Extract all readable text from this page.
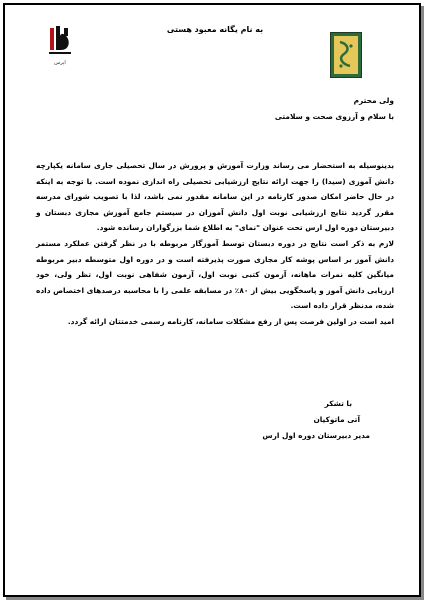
به نام یگانه معبود هستی
اپرس
ولی محترم
با سلام و آرزوی صحت و سلامتی

بدینوسیله به استحضار می رساند وزارت آموزش و پرورش در سال تحصیلی جاری سامانه یکپارچه دانش آموزی (سیدا) را جهت ارائه نتایج ارزشیابی تحصیلی راه اندازی نموده است. با توجه به اینکه در حال حاضر امکان صدور کارنامه در این سامانه مقدور نمی باشد، لذا با تصویب شورای مدرسه مقرر گردید نتایج ارزشیابی نوبت اول دانش آموزان در سیستم جامع آموزش مجازی دبستان و دبیرستان دوره اول ارس تحت عنوان "نمای" به اطلاع شما بزرگواران رسانده شود.

لازم به ذکر است نتایج در دوره دبستان توسط آموزگار مربوطه با در نظر گرفتن عملکرد مستمر دانش آموز بر اساس پوشه کار مجازی صورت پذیرفته است و در دوره اول متوسطه دبیر مربوطه میانگین کلیه نمرات ماهانه، آزمون کتبی نوبت اول، آزمون شفاهی نوبت اول، تظر ولی، خود ارزیابی دانش آموز و پاسخگویی بیش از ۸۰٪ در مسابقه علمی را با محاسبه درصدهای اختصاص داده شده، مدنظر قرار داده است.

امید است در اولین فرصت پس از رفع مشکلات سامانه، کارنامه رسمی خدمتتان ارائه گردد.

با تشکر
آتی ماتوکیان
مدیر دبیرستان دوره اول ارس
